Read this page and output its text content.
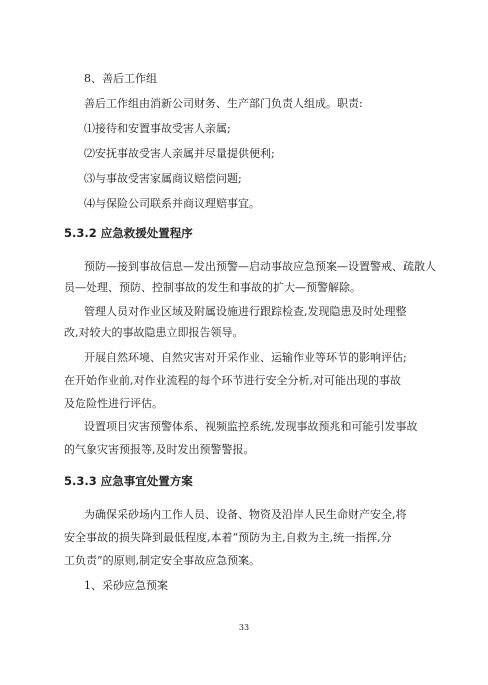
8、善后工作组
善后工作组由消新公司财务、生产部门负责人组成。职责:
⑴接待和安置事故受害人亲属;
⑵安抚事故受害人亲属并尽量提供便利;
⑶与事故受害家属商议赔偿问题;
⑷与保险公司联系并商议理赔事宜。
5.3.2 应急救援处置程序
预防—接到事故信息—发出预警—启动事故应急预案—设置警戒、疏散人
员—处理、预防、控制事故的发生和事故的扩大—预警解除。
管理人员对作业区域及附属设施进行跟踪检查,发现隐患及时处理整
改,对较大的事故隐患立即报告领导。
开展自然环境、自然灾害对开采作业、运输作业等环节的影响评估;
在开始作业前,对作业流程的每个环节进行安全分析,对可能出现的事故
及危险性进行评估。
设置项目灾害预警体系、视频监控系统,发现事故预兆和可能引发事故
的气象灾害预报等,及时发出预警警报。
5.3.3 应急事宜处置方案
为确保采砂场内工作人员、设备、物资及沿岸人民生命财产安全,将
安全事故的损失降到最低程度,本着“预防为主,自救为主,统一指挥,分
工负责”的原则,制定安全事故应急预案。
1、采砂应急预案
33
